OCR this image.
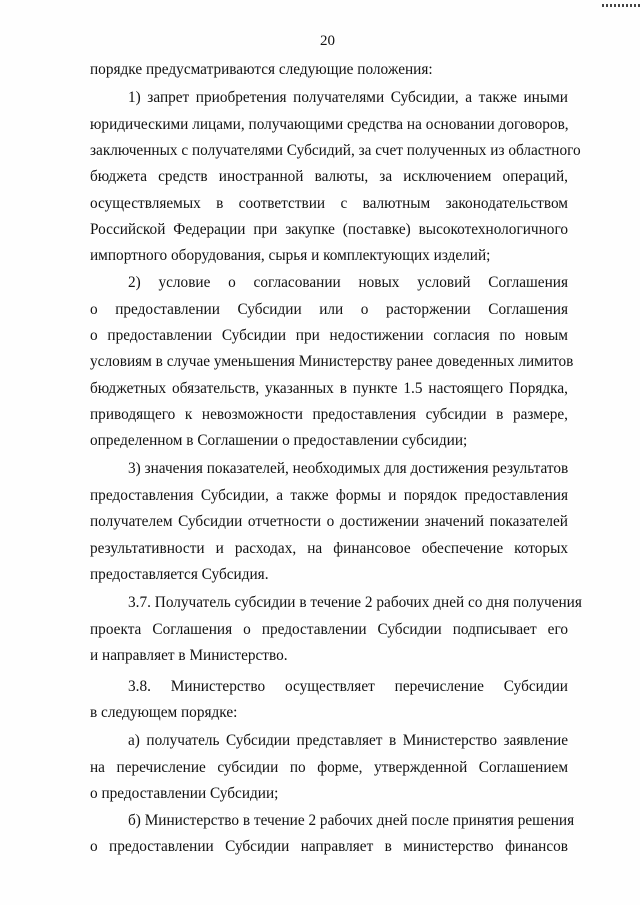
20
порядке предусматриваются следующие положения:
1) запрет приобретения получателями Субсидии, а также иными
юридическими лицами, получающими средства на основании договоров,
заключенных с получателями Субсидий, за счет полученных из областного
бюджета средств иностранной валюты, за исключением операций,
осуществляемых в соответствии с валютным законодательством
Российской Федерации при закупке (поставке) высокотехнологичного
импортного оборудования, сырья и комплектующих изделий;
2) условие о согласовании новых условий Соглашения
о предоставлении Субсидии или о расторжении Соглашения
о предоставлении Субсидии при недостижении согласия по новым
условиям в случае уменьшения Министерству ранее доведенных лимитов
бюджетных обязательств, указанных в пункте 1.5 настоящего Порядка,
приводящего к невозможности предоставления субсидии в размере,
определенном в Соглашении о предоставлении субсидии;
3) значения показателей, необходимых для достижения результатов
предоставления Субсидии, а также формы и порядок предоставления
получателем Субсидии отчетности о достижении значений показателей
результативности и расходах, на финансовое обеспечение которых
предоставляется Субсидия.
3.7. Получатель субсидии в течение 2 рабочих дней со дня получения
проекта Соглашения о предоставлении Субсидии подписывает его
и направляет в Министерство.
3.8. Министерство осуществляет перечисление Субсидии
в следующем порядке:
а) получатель Субсидии представляет в Министерство заявление
на перечисление субсидии по форме, утвержденной Соглашением
о предоставлении Субсидии;
б) Министерство в течение 2 рабочих дней после принятия решения
о предоставлении Субсидии направляет в министерство финансов
